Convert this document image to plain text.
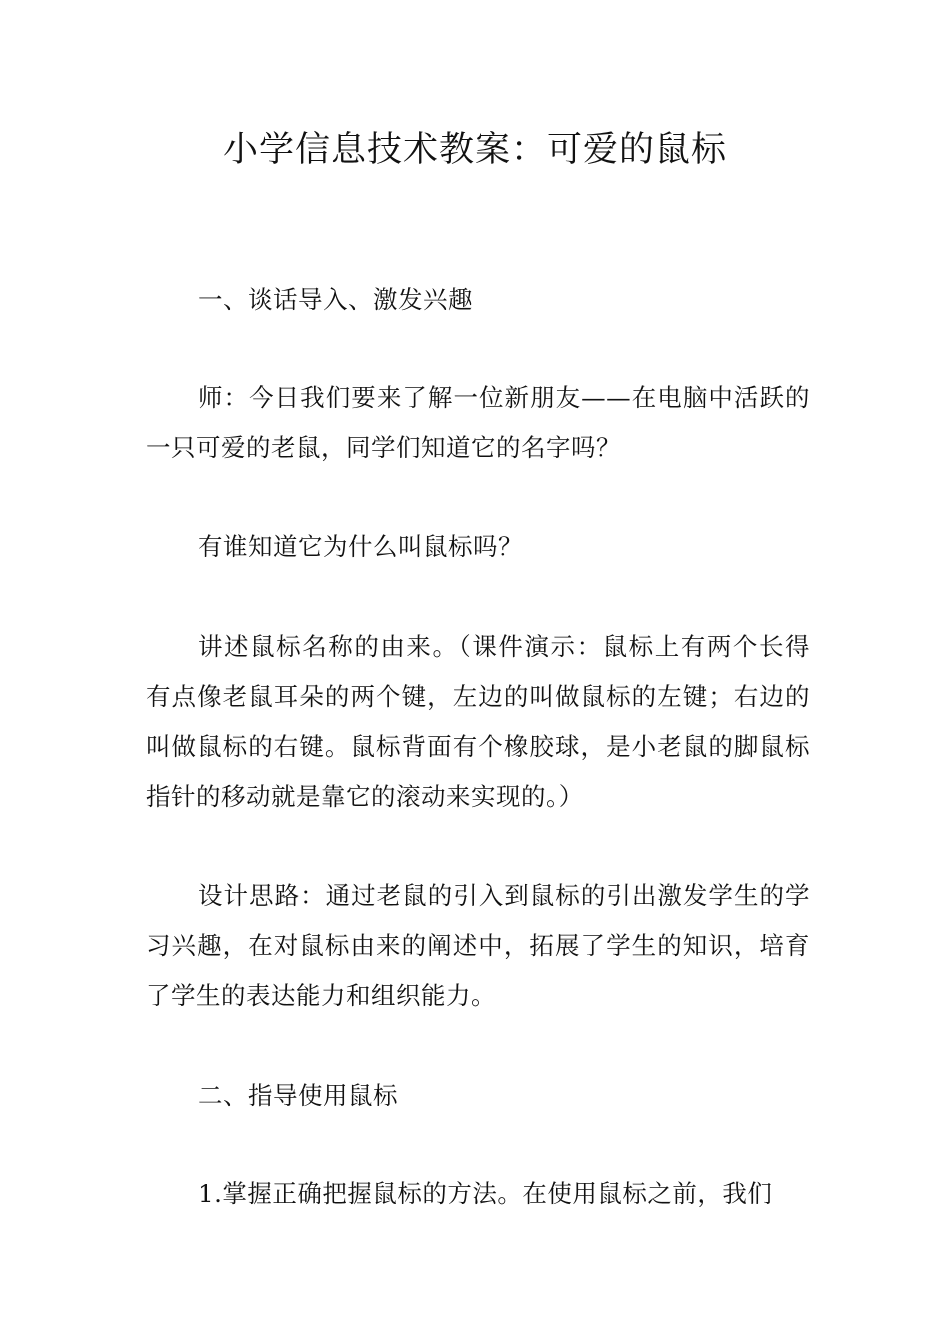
小学信息技术教案：可爱的鼠标

一、谈话导入、激发兴趣

师：今日我们要来了解一位新朋友——在电脑中活跃的一只可爱的老鼠，同学们知道它的名字吗？

有谁知道它为什么叫鼠标吗？

讲述鼠标名称的由来。（课件演示：鼠标上有两个长得有点像老鼠耳朵的两个键，左边的叫做鼠标的左键；右边的叫做鼠标的右键。鼠标背面有个橡胶球，是小老鼠的脚鼠标指针的移动就是靠它的滚动来实现的。）

设计思路：通过老鼠的引入到鼠标的引出激发学生的学习兴趣，在对鼠标由来的阐述中，拓展了学生的知识，培育了学生的表达能力和组织能力。

二、指导使用鼠标

1.掌握正确把握鼠标的方法。在使用鼠标之前，我们
